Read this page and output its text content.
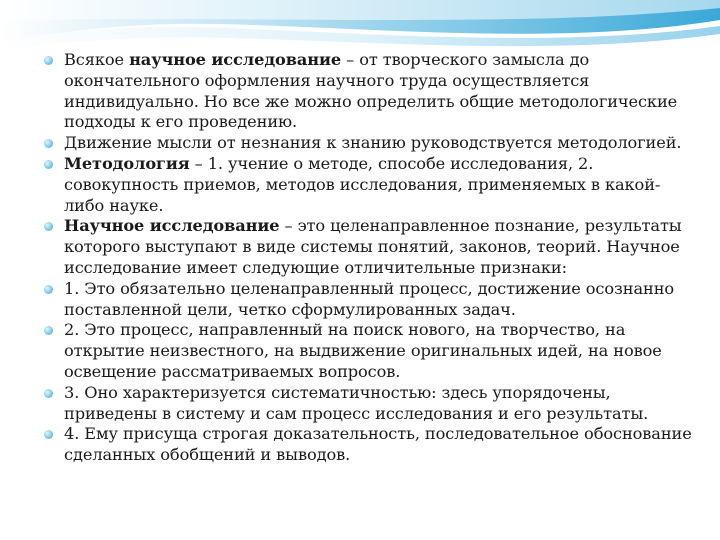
Всякое научное исследование – от творческого замысла до окончательного оформления научного труда осуществляется индивидуально. Но все же можно определить общие методологические подходы к его проведению.
Движение мысли от незнания к знанию руководствуется методологией.
Методология – 1. учение о методе, способе исследования, 2. совокупность приемов, методов исследования, применяемых в какой-либо науке.
Научное исследование – это целенаправленное познание, результаты которого выступают в виде системы понятий, законов, теорий. Научное исследование имеет следующие отличительные признаки:
1. Это обязательно целенаправленный процесс, достижение осознанно поставленной цели, четко сформулированных задач.
2. Это процесс, направленный на поиск нового, на творчество, на открытие неизвестного, на выдвижение оригинальных идей, на новое освещение рассматриваемых вопросов.
3. Оно характеризуется систематичностью: здесь упорядочены, приведены в систему и сам процесс исследования и его результаты.
4. Ему присуща строгая доказательность, последовательное обоснование сделанных обобщений и выводов.
